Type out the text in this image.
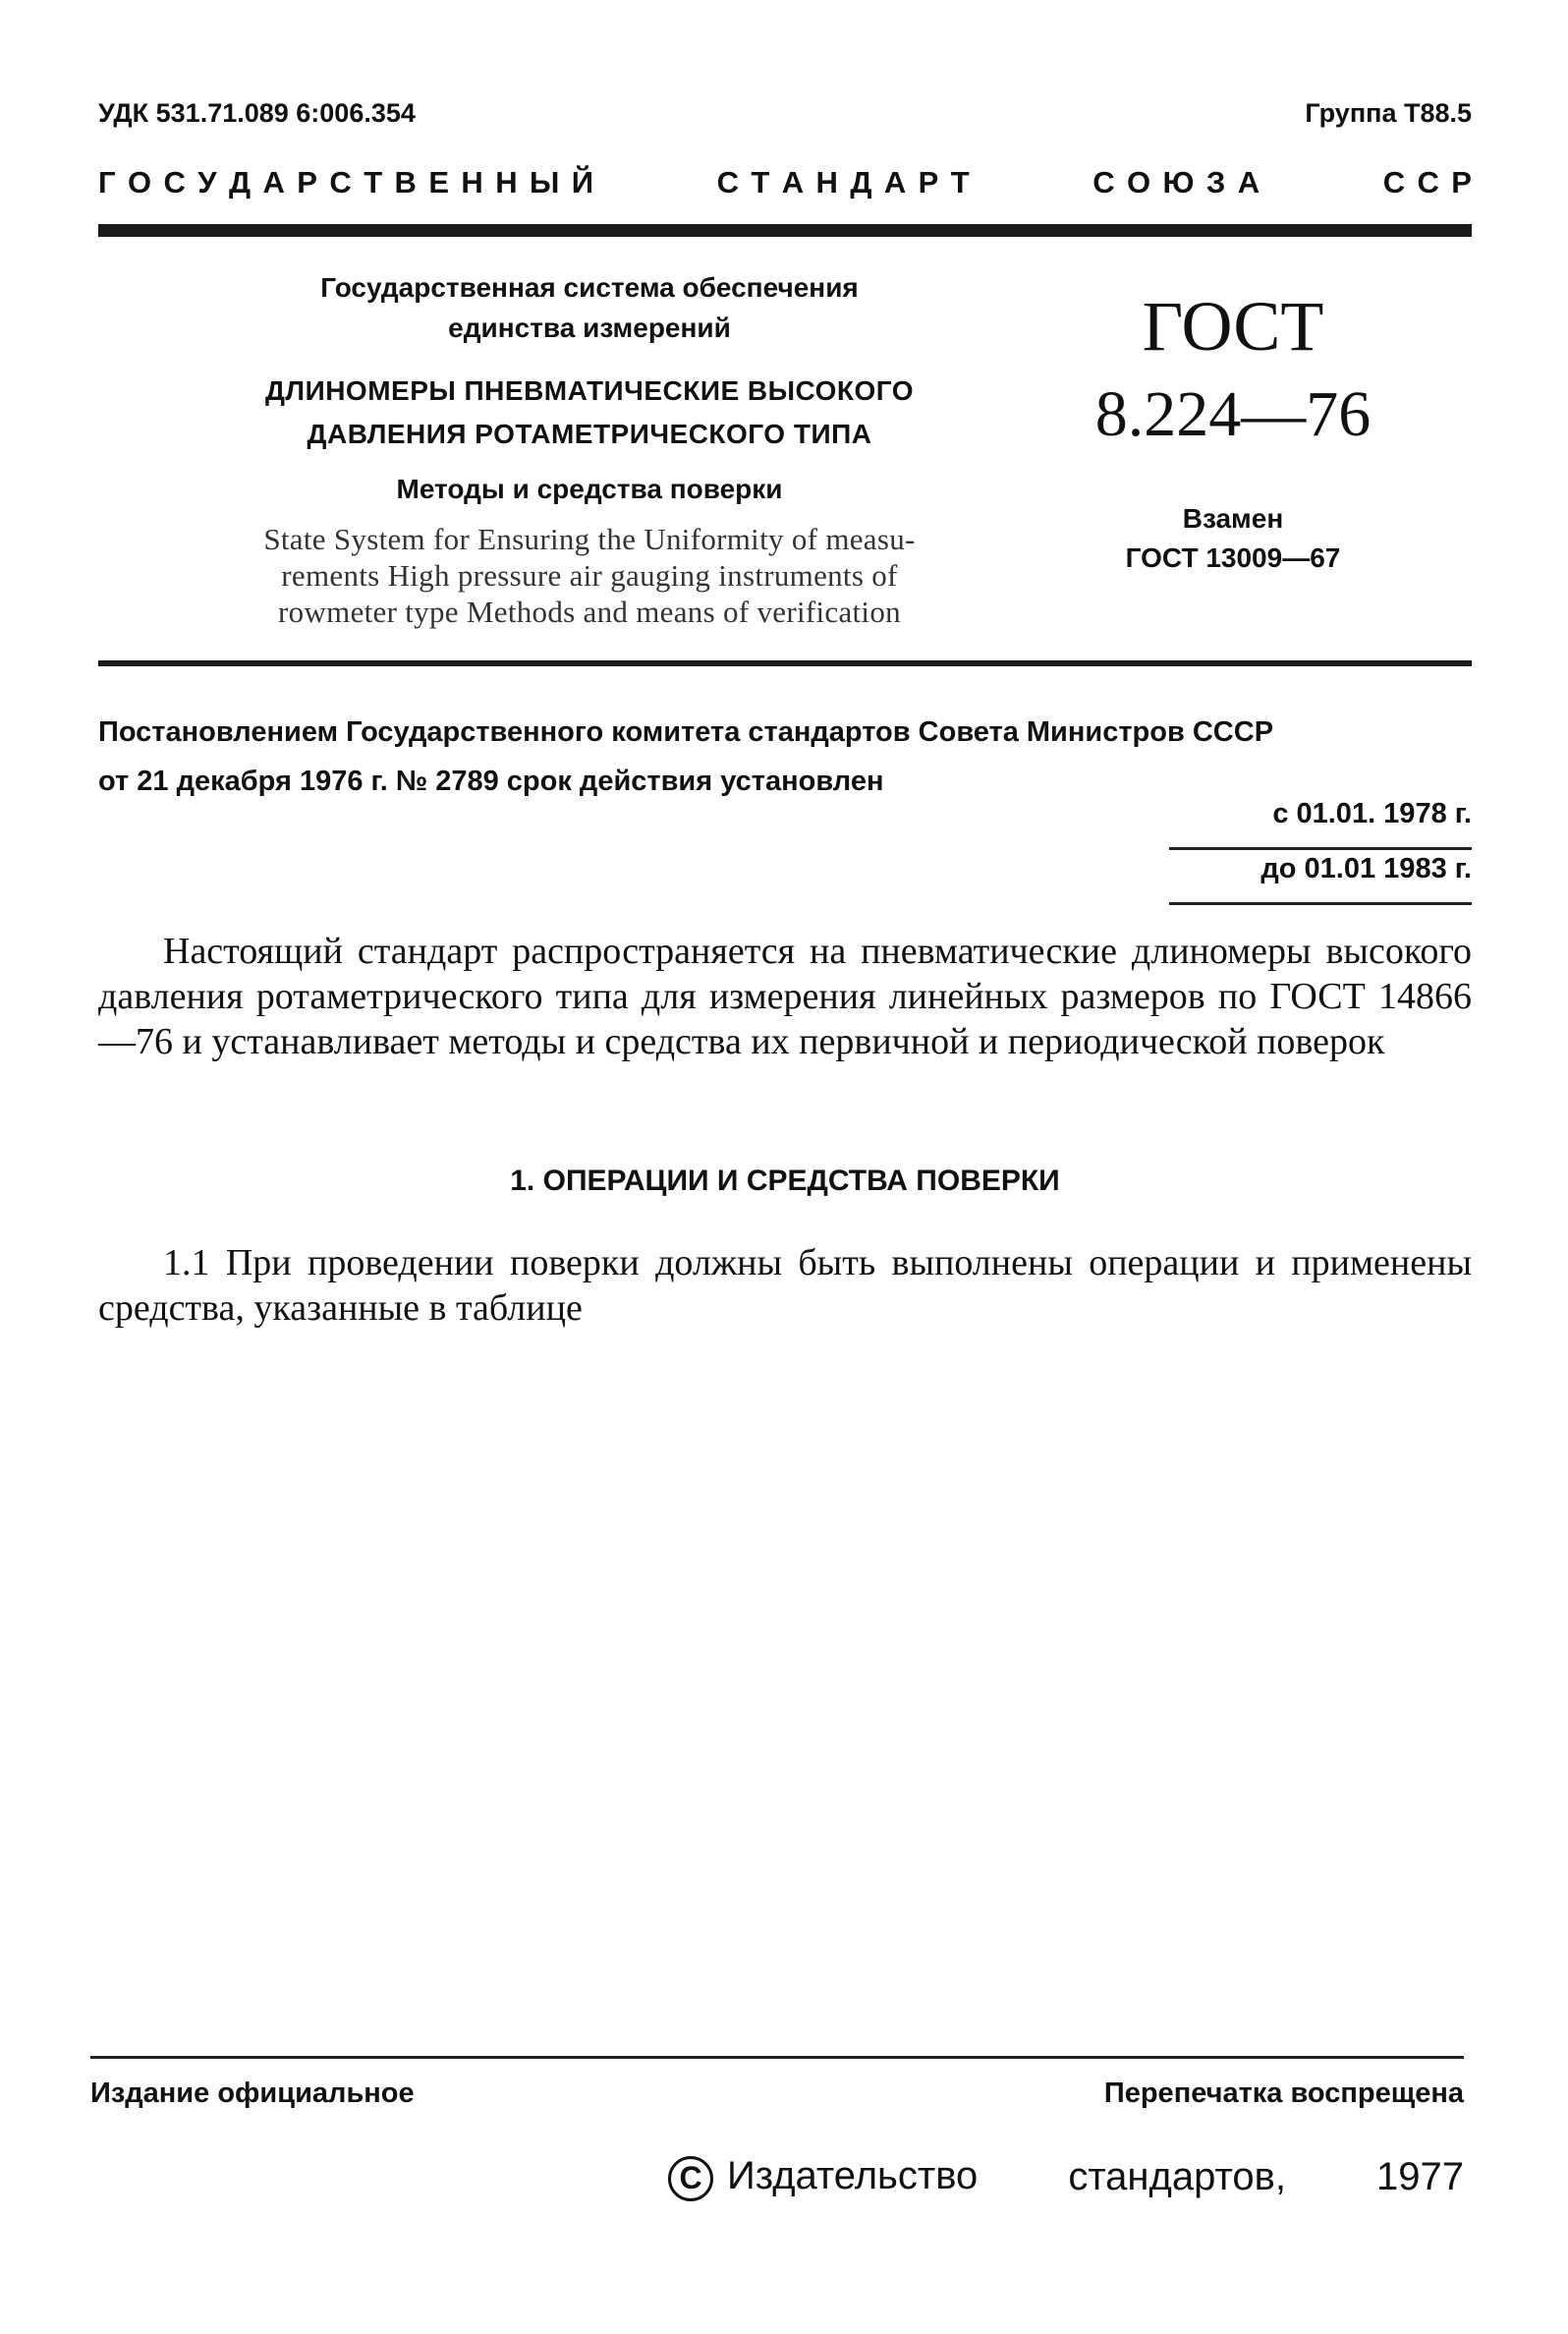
УДК 531.71.089 6:006.354	Группа Т88.5
Г  О  С  У  Д  А  Р  С  Т  В  Е  Н  Н  Ы  Й	С  Т  А  Н  Д  А  Р  Т	С  О  Ю  З  А	С  С  Р
Государственная система обеспечения
единства измерений
ДЛИНОМЕРЫ ПНЕВМАТИЧЕСКИЕ ВЫСОКОГО
ДАВЛЕНИЯ РОТАМЕТРИЧЕСКОГО ТИПА
Методы и средства поверки
State System for Ensuring the Uniformity of measu-
rements High pressure air gauging instruments of
rowmeter type Methods and means of verification
ГОСТ
8.224—76
Взамен
ГОСТ 13009—67
Постановлением Государственного комитета стандартов Совета Министров СССР
от 21 декабря 1976 г. № 2789 срок действия установлен
с 01.01. 1978 г.
до 01.01 1983 г.
Настоящий стандарт распространяется на пневматические длиномеры высокого давления ротаметрического типа для измерения линейных размеров по ГОСТ 14866—76 и устанавливает методы и средства их первичной и периодической поверок
1. ОПЕРАЦИИ И СРЕДСТВА ПОВЕРКИ
1.1 При проведении поверки должны быть выполнены операции и применены средства, указанные в таблице
Издание официальное	Перепечатка воспрещена
С Издательство стандартов, 1977
